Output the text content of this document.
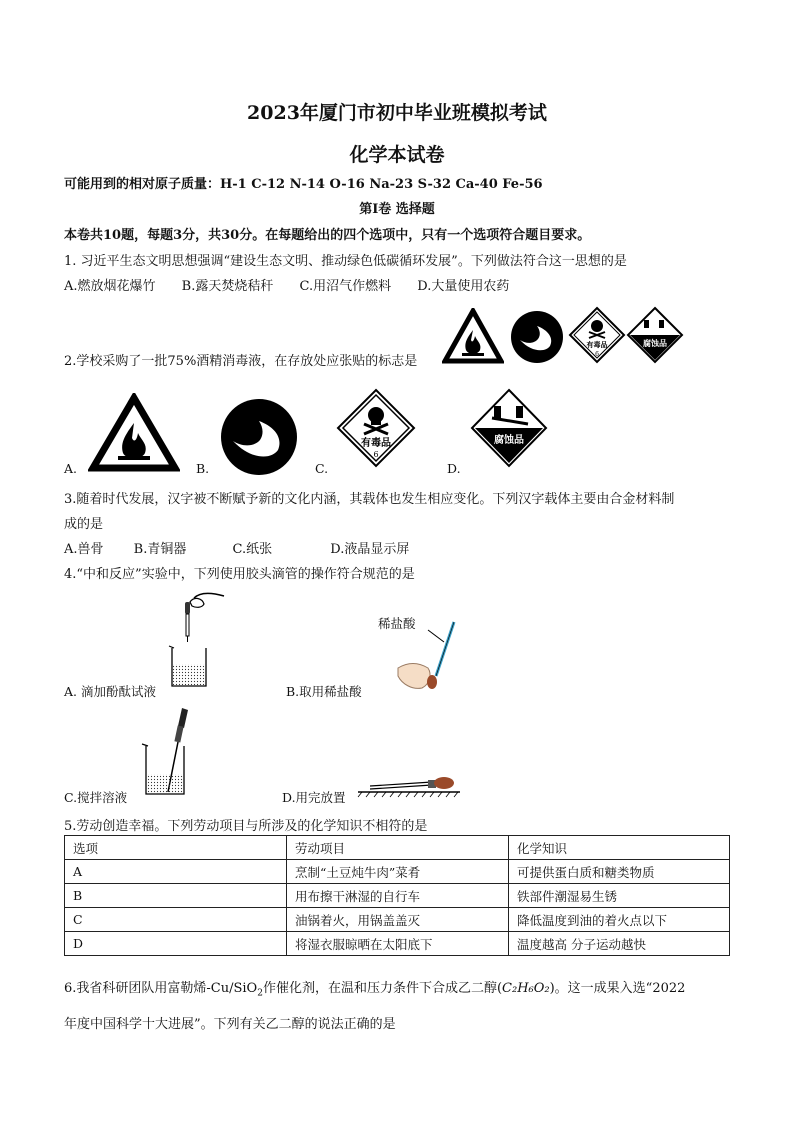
2023年厦门市初中毕业班模拟考试
化学本试卷
可能用到的相对原子质量：H-1 C-12 N-14 O-16 Na-23 S-32 Ca-40 Fe-56
第Ⅰ卷 选择题
本卷共10题，每题3分，共30分。在每题给出的四个选项中，只有一个选项符合题目要求。
1. 习近平生态文明思想强调“建设生态文明、推动绿色低碳循环发展”。下列做法符合这一思想的是
A.燃放烟花爆竹 B.露天焚烧秸秆 C.用沼气作燃料 D.大量使用农药
2.学校采购了一批75%酒精消毒液，在存放处应张贴的标志是
有毒品
6
腐蚀品
A.	B.	C.
有毒品
6
D.
腐蚀品
3.随着时代发展，汉字被不断赋予新的文化内涵，其载体也发生相应变化。下列汉字载体主要由合金材料制
成的是
A.兽骨 B.青铜器	C.纸张	D.液晶显示屏
4.“中和反应”实验中，下列使用胶头滴管的操作符合规范的是
A. 滴加酚酞试液
稀盐酸
B.取用稀盐酸
C.搅拌溶液	D.用完放置
5.劳动创造幸福。下列劳动项目与所涉及的化学知识不相符的是
选项	劳动项目	化学知识
A	烹制“土豆炖牛肉”菜肴	可提供蛋白质和糖类物质
B	用布擦干淋湿的自行车	铁部件潮湿易生锈
C	油锅着火，用锅盖盖灭	降低温度到油的着火点以下
D	将湿衣服晾晒在太阳底下	温度越高 分子运动越快
6.我省科研团队用富勒烯-Cu/SiO$_2$作催化剂，在温和压力条件下合成乙二醇(C₂H₆O₂)。这一成果入选“2022
年度中国科学十大进展”。下列有关乙二醇的说法正确的是
